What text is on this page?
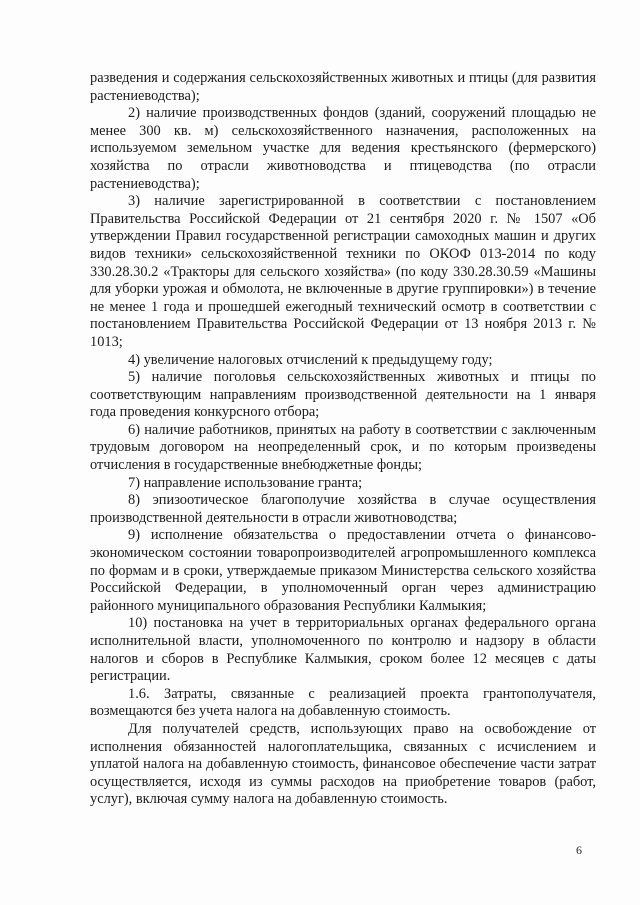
разведения и содержания сельскохозяйственных животных и птицы (для развития растениеводства);

2) наличие производственных фондов (зданий, сооружений площадью не менее 300 кв. м) сельскохозяйственного назначения, расположенных на используемом земельном участке для ведения крестьянского (фермерского) хозяйства по отрасли животноводства и птицеводства (по отрасли растениеводства);

3) наличие зарегистрированной в соответствии с постановлением Правительства Российской Федерации от 21 сентября 2020 г. № 1507 «Об утверждении Правил государственной регистрации самоходных машин и других видов техники» сельскохозяйственной техники по ОКОФ 013-2014 по коду 330.28.30.2 «Тракторы для сельского хозяйства» (по коду 330.28.30.59 «Машины для уборки урожая и обмолота, не включенные в другие группировки») в течение не менее 1 года и прошедшей ежегодный технический осмотр в соответствии с постановлением Правительства Российской Федерации от 13 ноября 2013 г. № 1013;

4) увеличение налоговых отчислений к предыдущему году;

5) наличие поголовья сельскохозяйственных животных и птицы по соответствующим направлениям производственной деятельности на 1 января года проведения конкурсного отбора;

6) наличие работников, принятых на работу в соответствии с заключенным трудовым договором на неопределенный срок, и по которым произведены отчисления в государственные внебюджетные фонды;

7) направление использование гранта;

8) эпизоотическое благополучие хозяйства в случае осуществления производственной деятельности в отрасли животноводства;

9) исполнение обязательства о предоставлении отчета о финансово-экономическом состоянии товаропроизводителей агропромышленного комплекса по формам и в сроки, утверждаемые приказом Министерства сельского хозяйства Российской Федерации, в уполномоченный орган через администрацию районного муниципального образования Республики Калмыкия;

10) постановка на учет в территориальных органах федерального органа исполнительной власти, уполномоченного по контролю и надзору в области налогов и сборов в Республике Калмыкия, сроком более 12 месяцев с даты регистрации.

1.6. Затраты, связанные с реализацией проекта грантополучателя, возмещаются без учета налога на добавленную стоимость.

Для получателей средств, использующих право на освобождение от исполнения обязанностей налогоплательщика, связанных с исчислением и уплатой налога на добавленную стоимость, финансовое обеспечение части затрат осуществляется, исходя из суммы расходов на приобретение товаров (работ, услуг), включая сумму налога на добавленную стоимость.

6
